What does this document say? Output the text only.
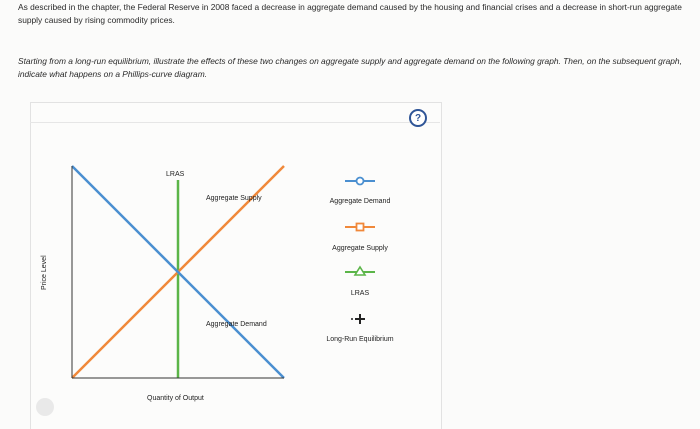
As described in the chapter, the Federal Reserve in 2008 faced a decrease in aggregate demand caused by the housing and financial crises and a decrease in short-run aggregate supply caused by rising commodity prices.
Starting from a long-run equilibrium, illustrate the effects of these two changes on aggregate supply and aggregate demand on the following graph. Then, on the subsequent graph, indicate what happens on a Phillips-curve diagram.
?
Price Level
Quantity of Output
LRAS
Aggregate Supply
Aggregate Demand
Aggregate Demand
Aggregate Supply
LRAS
Long-Run Equilibrium
